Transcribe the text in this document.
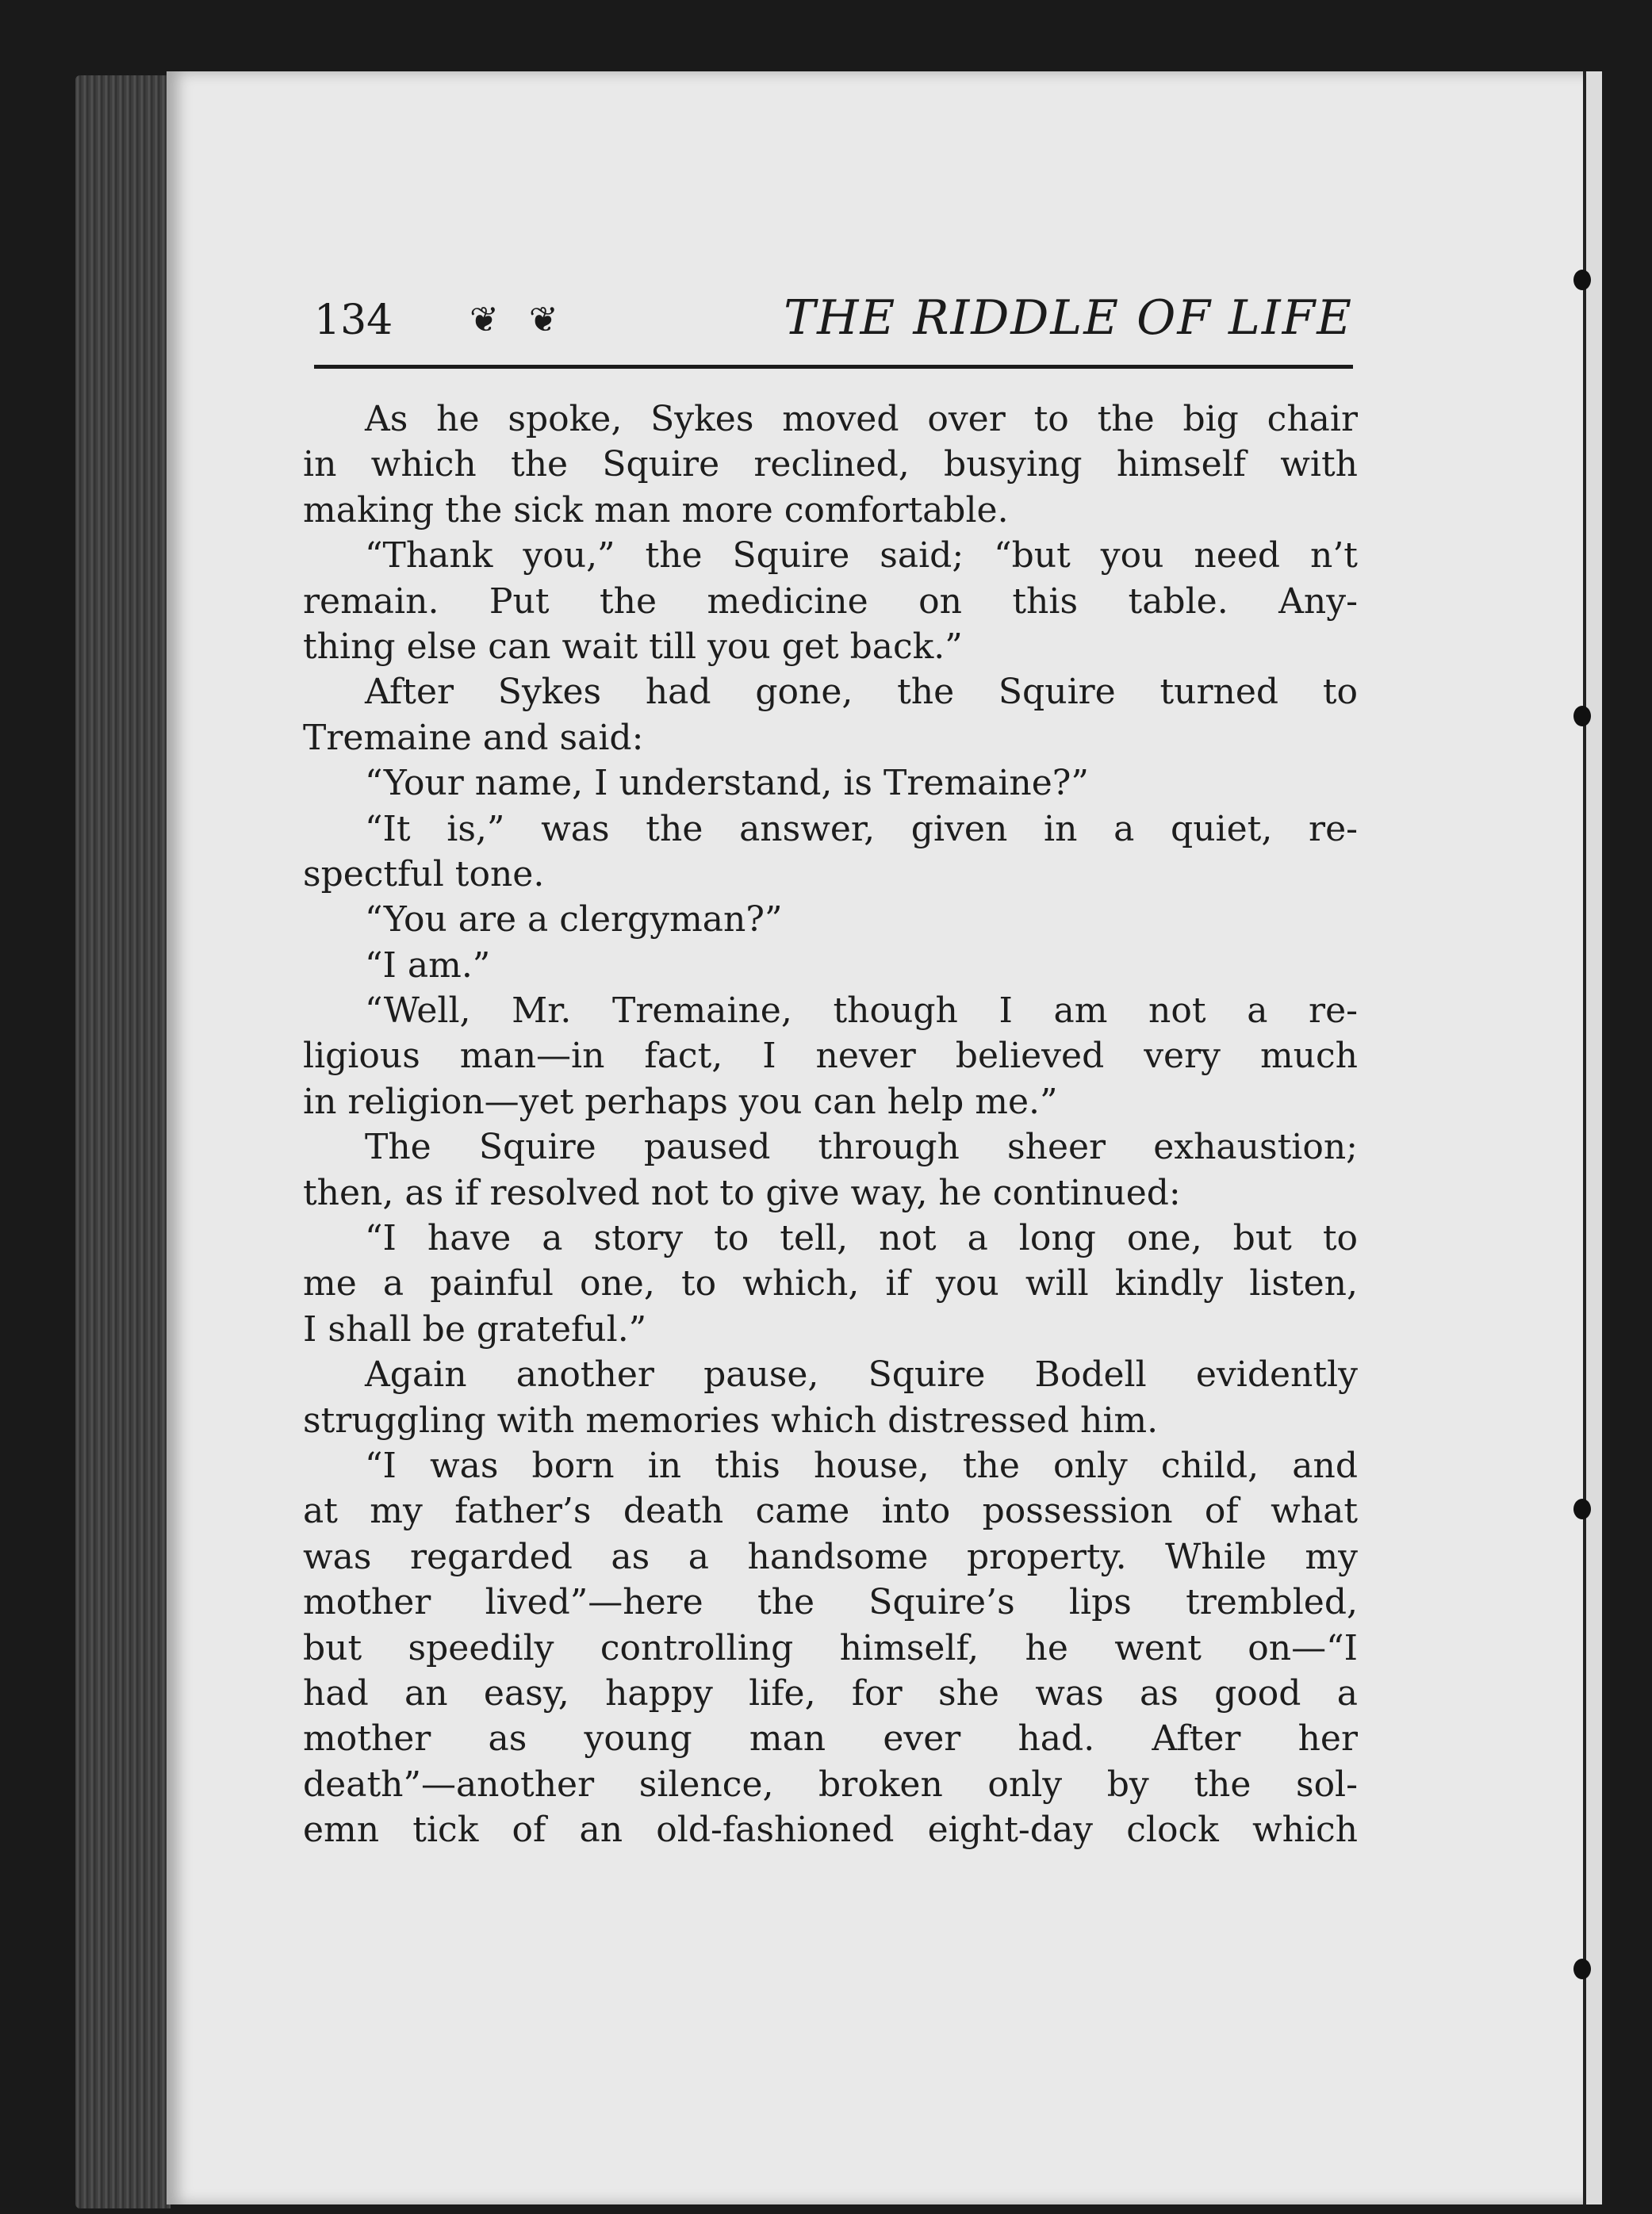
134 ❦ ❦	THE RIDDLE OF LIFE
As he spoke, Sykes moved over to the big chair
in which the Squire reclined, busying himself with
making the sick man more comfortable.
“Thank you,” the Squire said; “but you need n’t
remain. Put the medicine on this table. Any-
thing else can wait till you get back.”
After Sykes had gone, the Squire turned to
Tremaine and said:
“Your name, I understand, is Tremaine?”
“It is,” was the answer, given in a quiet, re-
spectful tone.
“You are a clergyman?”
“I am.”
“Well, Mr. Tremaine, though I am not a re-
ligious man—in fact, I never believed very much
in religion—yet perhaps you can help me.”
The Squire paused through sheer exhaustion;
then, as if resolved not to give way, he continued:
“I have a story to tell, not a long one, but to
me a painful one, to which, if you will kindly listen,
I shall be grateful.”
Again another pause, Squire Bodell evidently
struggling with memories which distressed him.
“I was born in this house, the only child, and
at my father’s death came into possession of what
was regarded as a handsome property. While my
mother lived”—here the Squire’s lips trembled,
but speedily controlling himself, he went on—“I
had an easy, happy life, for she was as good a
mother as young man ever had. After her
death”—another silence, broken only by the sol-
emn tick of an old-fashioned eight-day clock which
